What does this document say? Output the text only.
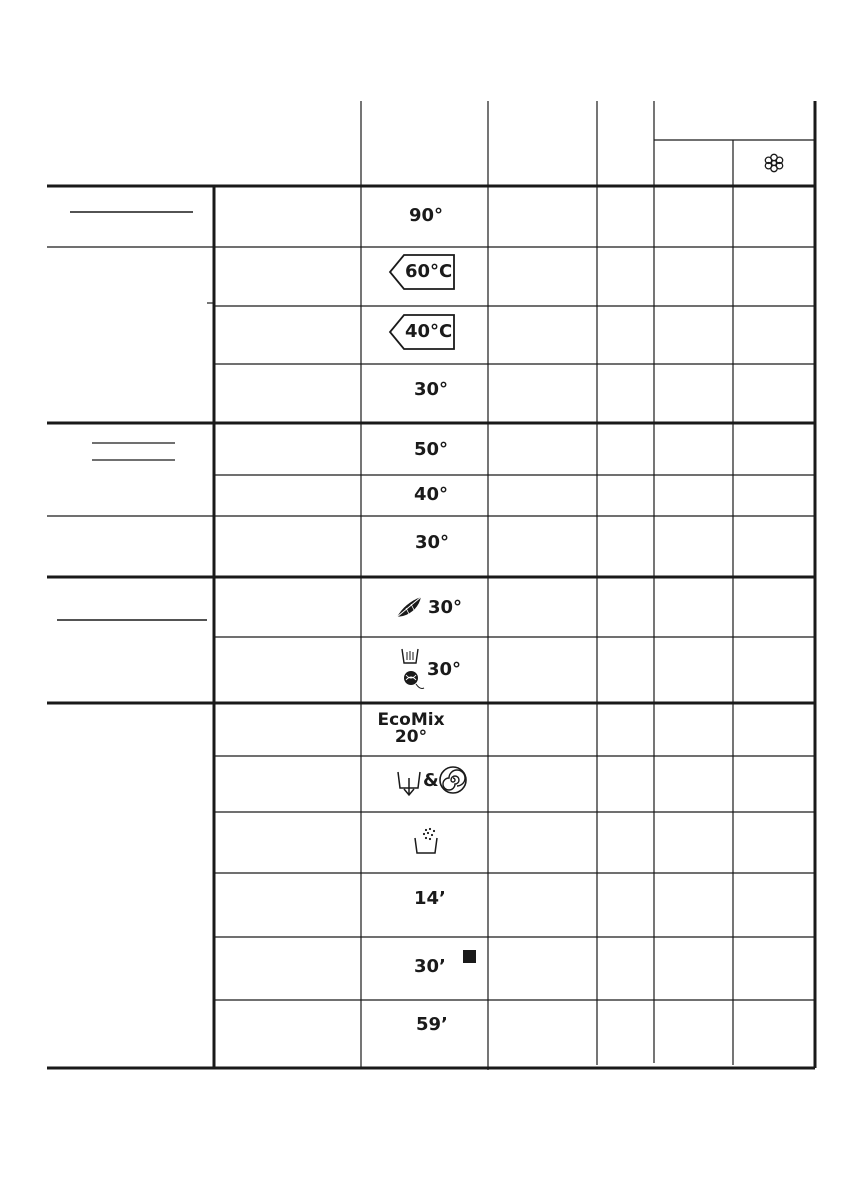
90°
60°C
40°C
30°
50°
40°
30°
30°
30°
EcoMix
20°
&
14’
30’
59’
